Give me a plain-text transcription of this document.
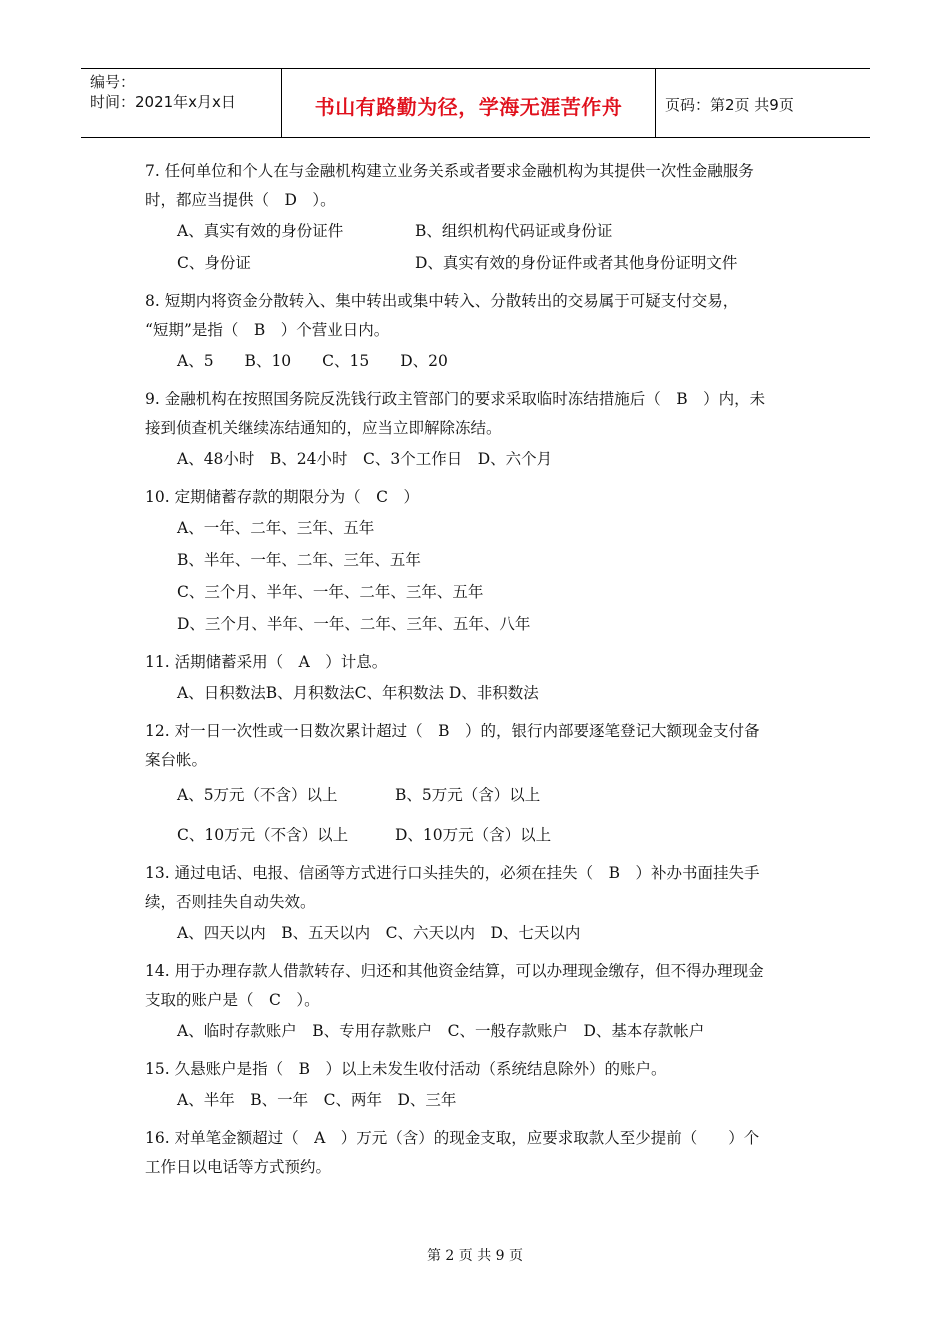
编号：
时间：2021年x月x日	书山有路勤为径，学海无涯苦作舟	页码：第2页 共9页

7. 任何单位和个人在与金融机构建立业务关系或者要求金融机构为其提供一次性金融服务

时，都应当提供（　D　）。

A、真实有效的身份证件	B、组织机构代码证或身份证
C、身份证	D、真实有效的身份证件或者其他身份证明文件

8. 短期内将资金分散转入、集中转出或集中转入、分散转出的交易属于可疑支付交易，

“短期”是指（　B　）个营业日内。

A、5　　B、10　　C、15　　D、20

9. 金融机构在按照国务院反洗钱行政主管部门的要求采取临时冻结措施后（　B　）内，未

接到侦查机关继续冻结通知的，应当立即解除冻结。

A、48小时　B、24小时　C、3个工作日　D、六个月

10. 定期储蓄存款的期限分为（　C　）

A、一年、二年、三年、五年

B、半年、一年、二年、三年、五年

C、三个月、半年、一年、二年、三年、五年

D、三个月、半年、一年、二年、三年、五年、八年

11. 活期储蓄采用（　A　）计息。

A、日积数法B、月积数法C、年积数法 D、非积数法

12. 对一日一次性或一日数次累计超过（　B　）的，银行内部要逐笔登记大额现金支付备

案台帐。

A、5万元（不含）以上	B、5万元（含）以上
C、10万元（不含）以上	D、10万元（含）以上

13. 通过电话、电报、信函等方式进行口头挂失的，必须在挂失（　B　）补办书面挂失手

续，否则挂失自动失效。

A、四天以内　B、五天以内　C、六天以内　D、七天以内

14. 用于办理存款人借款转存、归还和其他资金结算，可以办理现金缴存，但不得办理现金

支取的账户是（　C　）。

A、临时存款账户　B、专用存款账户　C、一般存款账户　D、基本存款帐户

15. 久悬账户是指（　B　）以上未发生收付活动（系统结息除外）的账户。

A、半年　B、一年　C、两年　D、三年

16. 对单笔金额超过（　A　）万元（含）的现金支取，应要求取款人至少提前（　　）个

工作日以电话等方式预约。

第 2 页 共 9 页
